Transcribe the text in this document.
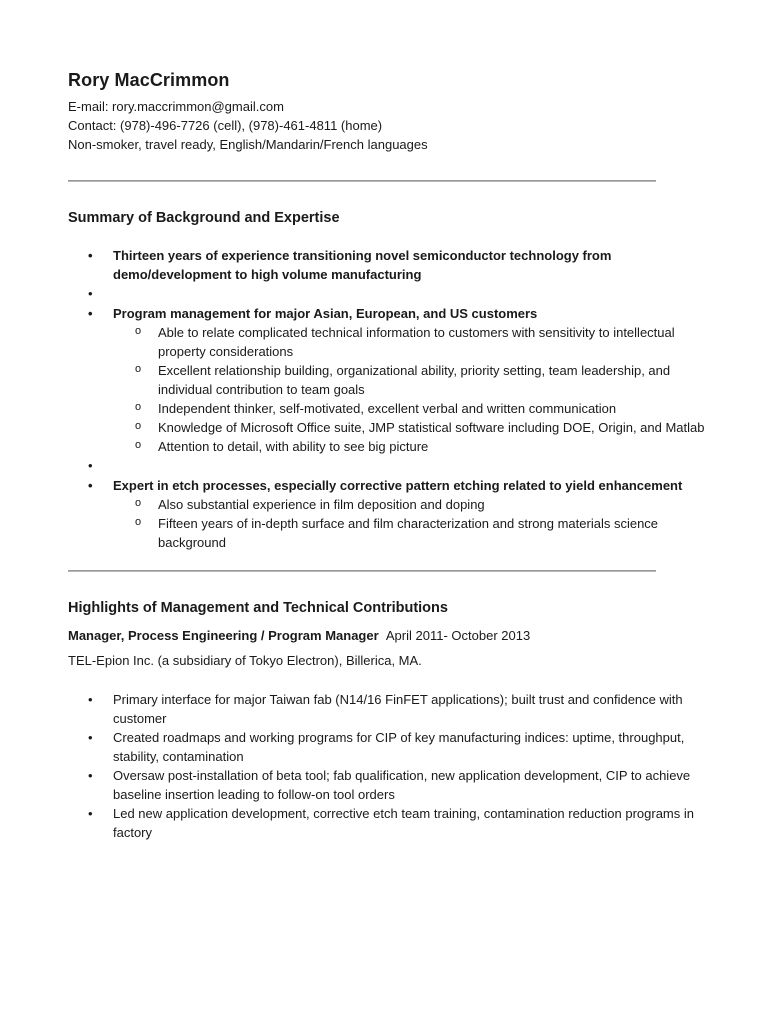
Rory MacCrimmon
E-mail: rory.maccrimmon@gmail.com
Contact: (978)-496-7726 (cell), (978)-461-4811 (home)
Non-smoker, travel ready, English/Mandarin/French languages
Summary of Background and Expertise
• Thirteen years of experience transitioning novel semiconductor technology from demo/development to high volume manufacturing
•
• Program management for major Asian, European, and US customers
o Able to relate complicated technical information to customers with sensitivity to intellectual property considerations
o Excellent relationship building, organizational ability, priority setting, team leadership, and individual contribution to team goals
o Independent thinker, self-motivated, excellent verbal and written communication
o Knowledge of Microsoft Office suite, JMP statistical software including DOE, Origin, and Matlab
o Attention to detail, with ability to see big picture
•
• Expert in etch processes, especially corrective pattern etching related to yield enhancement
o Also substantial experience in film deposition and doping
o Fifteen years of in-depth surface and film characterization and strong materials science background
Highlights of Management and Technical Contributions
Manager, Process Engineering / Program Manager April 2011- October 2013
TEL-Epion Inc. (a subsidiary of Tokyo Electron), Billerica, MA.
• Primary interface for major Taiwan fab (N14/16 FinFET applications); built trust and confidence with customer
• Created roadmaps and working programs for CIP of key manufacturing indices: uptime, throughput, stability, contamination
• Oversaw post-installation of beta tool; fab qualification, new application development, CIP to achieve baseline insertion leading to follow-on tool orders
• Led new application development, corrective etch team training, contamination reduction programs in factory
